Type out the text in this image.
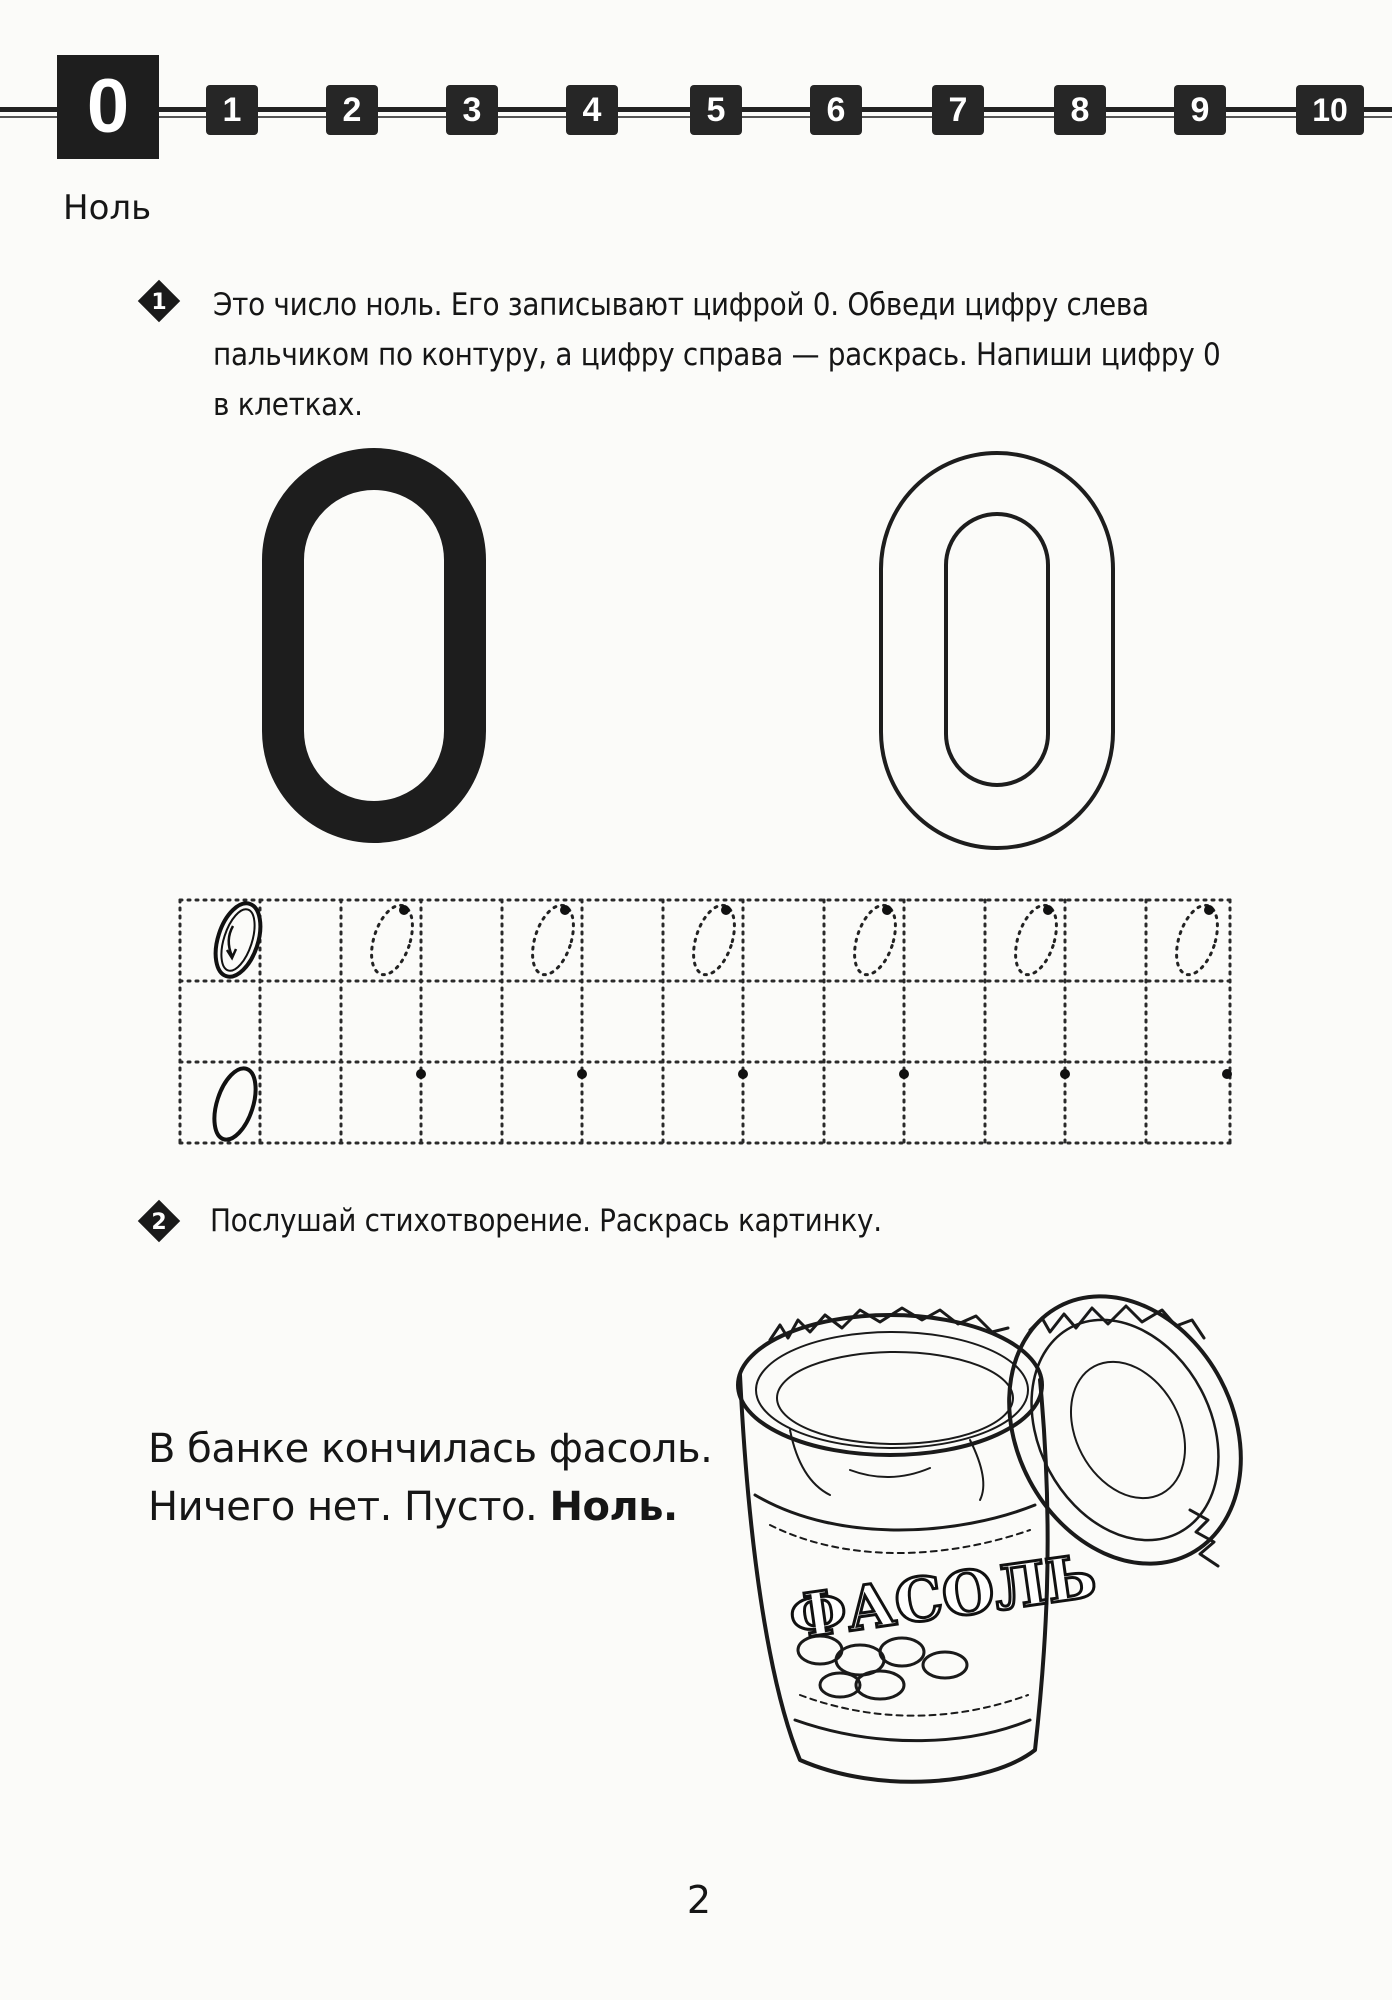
0	1	2	3	4	5	6	7	8	9	10
Ноль
1 Это число ноль. Его записывают цифрой 0. Обведи цифру слева
пальчиком по контуру, а цифру справа — раскрась. Напиши цифру 0
в клетках.
2 Послушай стихотворение. Раскрась картинку.
В банке кончилась фасоль.
Ничего нет. Пусто. Ноль.
ФАСОЛЬ
2
